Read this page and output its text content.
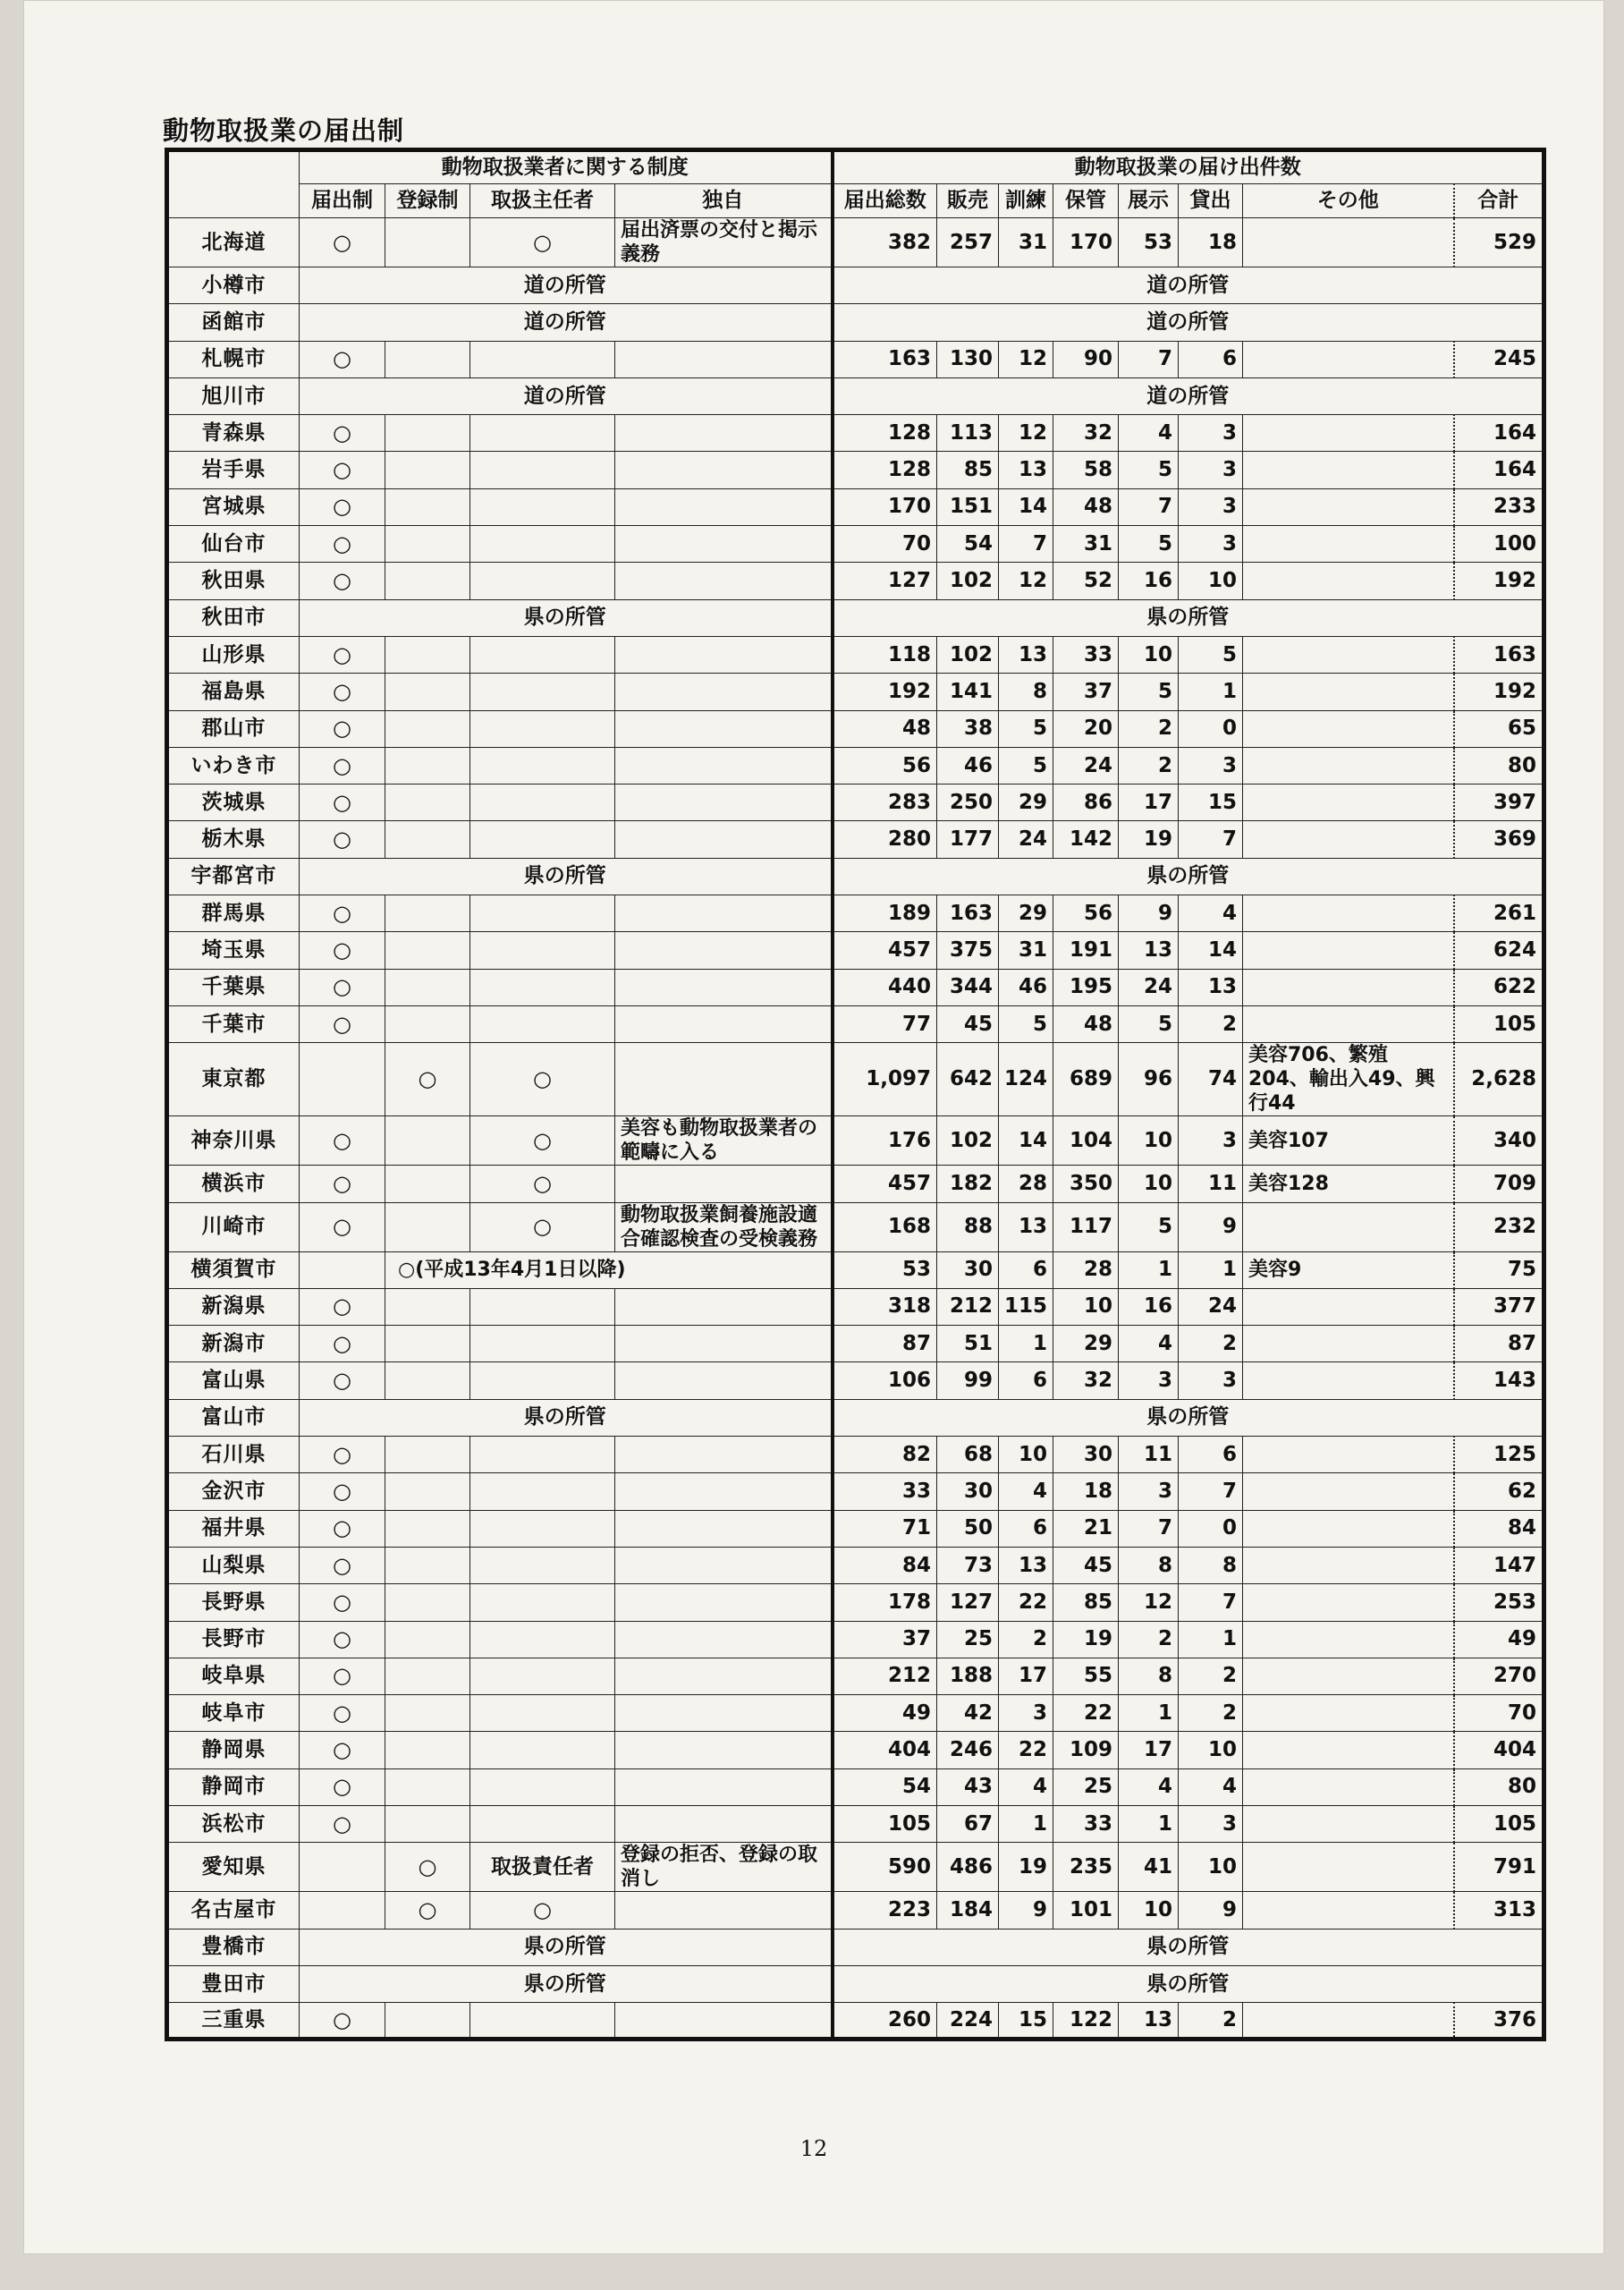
動物取扱業の届出制
	動物取扱業者に関する制度				動物取扱業の届け出件数							
	届出制	登録制	取扱主任者	独自	届出総数	販売	訓練	保管	展示	貸出	その他	合計
北海道	○		○	届出済票の交付と掲示義務	382	257	31	170	53	18		529
小樽市	道の所管				道の所管							
函館市	道の所管				道の所管							
札幌市	○				163	130	12	90	7	6		245
旭川市	道の所管				道の所管							
青森県	○				128	113	12	32	4	3		164
岩手県	○				128	85	13	58	5	3		164
宮城県	○				170	151	14	48	7	3		233
仙台市	○				70	54	7	31	5	3		100
秋田県	○				127	102	12	52	16	10		192
秋田市	県の所管				県の所管							
山形県	○				118	102	13	33	10	5		163
福島県	○				192	141	8	37	5	1		192
郡山市	○				48	38	5	20	2	0		65
いわき市	○				56	46	5	24	2	3		80
茨城県	○				283	250	29	86	17	15		397
栃木県	○				280	177	24	142	19	7		369
宇都宮市	県の所管				県の所管							
群馬県	○				189	163	29	56	9	4		261
埼玉県	○				457	375	31	191	13	14		624
千葉県	○				440	344	46	195	24	13		622
千葉市	○				77	45	5	48	5	2		105
東京都		○	○		1,097	642	124	689	96	74	美容706、繁殖204、輸出入49、興行44	2,628
神奈川県	○		○	美容も動物取扱業者の範疇に入る	176	102	14	104	10	3	美容107	340
横浜市	○		○		457	182	28	350	10	11	美容128	709
川崎市	○		○	動物取扱業飼養施設適合確認検査の受検義務	168	88	13	117	5	9		232
横須賀市		○(平成13年4月1日以降)			53	30	6	28	1	1	美容9	75
新潟県	○				318	212	115	10	16	24		377
新潟市	○				87	51	1	29	4	2		87
富山県	○				106	99	6	32	3	3		143
富山市	県の所管				県の所管							
石川県	○				82	68	10	30	11	6		125
金沢市	○				33	30	4	18	3	7		62
福井県	○				71	50	6	21	7	0		84
山梨県	○				84	73	13	45	8	8		147
長野県	○				178	127	22	85	12	7		253
長野市	○				37	25	2	19	2	1		49
岐阜県	○				212	188	17	55	8	2		270
岐阜市	○				49	42	3	22	1	2		70
静岡県	○				404	246	22	109	17	10		404
静岡市	○				54	43	4	25	4	4		80
浜松市	○				105	67	1	33	1	3		105
愛知県		○	取扱責任者	登録の拒否、登録の取消し	590	486	19	235	41	10		791
名古屋市		○	○		223	184	9	101	10	9		313
豊橋市	県の所管				県の所管							
豊田市	県の所管				県の所管							
三重県	○				260	224	15	122	13	2		376
12
